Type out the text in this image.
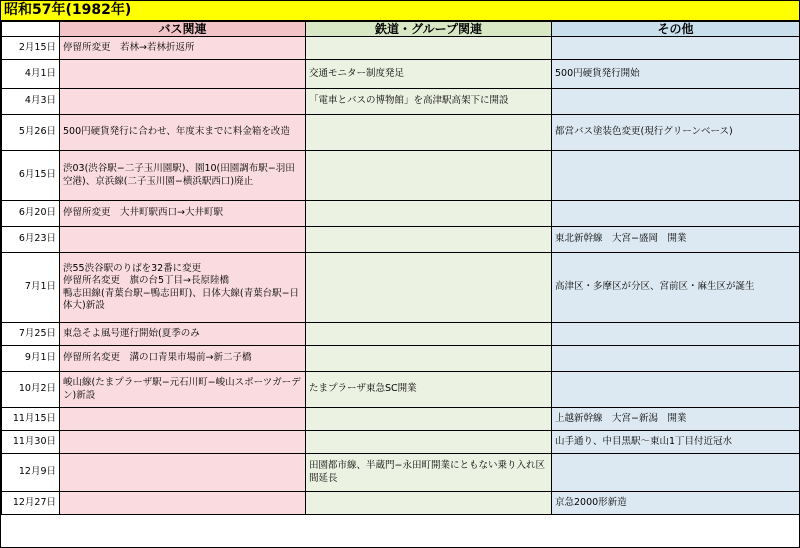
昭和57年(1982年)
	バス関連	鉄道・グループ関連	その他
2月15日	停留所変更　若林→若林折返所		
4月1日		交通モニター制度発足	500円硬貨発行開始
4月3日		「電車とバスの博物館」を高津駅高架下に開設	
5月26日	500円硬貨発行に合わせ、年度末までに料金箱を改造		都営バス塗装色変更(現行グリーンベース)
6月15日	渋03(渋谷駅−二子玉川園駅)、園10(田園調布駅−羽田空港)、京浜線(二子玉川園−横浜駅西口)廃止		
6月20日	停留所変更　大井町駅西口→大井町駅		
6月23日			東北新幹線　大宮−盛岡　開業
7月1日	渋55渋谷駅のりばを32番に変更
停留所名変更　旗の台5丁目→長原陸橋
鴨志田線(青葉台駅−鴨志田町)、日体大線(青葉台駅−日体大)新設		高津区・多摩区が分区、宮前区・麻生区が誕生
7月25日	東急そよ風号運行開始(夏季のみ		
9月1日	停留所名変更　溝の口青果市場前→新二子橋		
10月2日	峻山線(たまプラーザ駅−元石川町−峻山スポーツガーデン)新設	たまプラーザ東急SC開業	
11月15日			上越新幹線　大宮−新潟　開業
11月30日			山手通り、中目黒駅〜東山1丁目付近冠水
12月9日		田園都市線、半蔵門−永田町開業にともない乗り入れ区間延長	
12月27日			京急2000形新造
